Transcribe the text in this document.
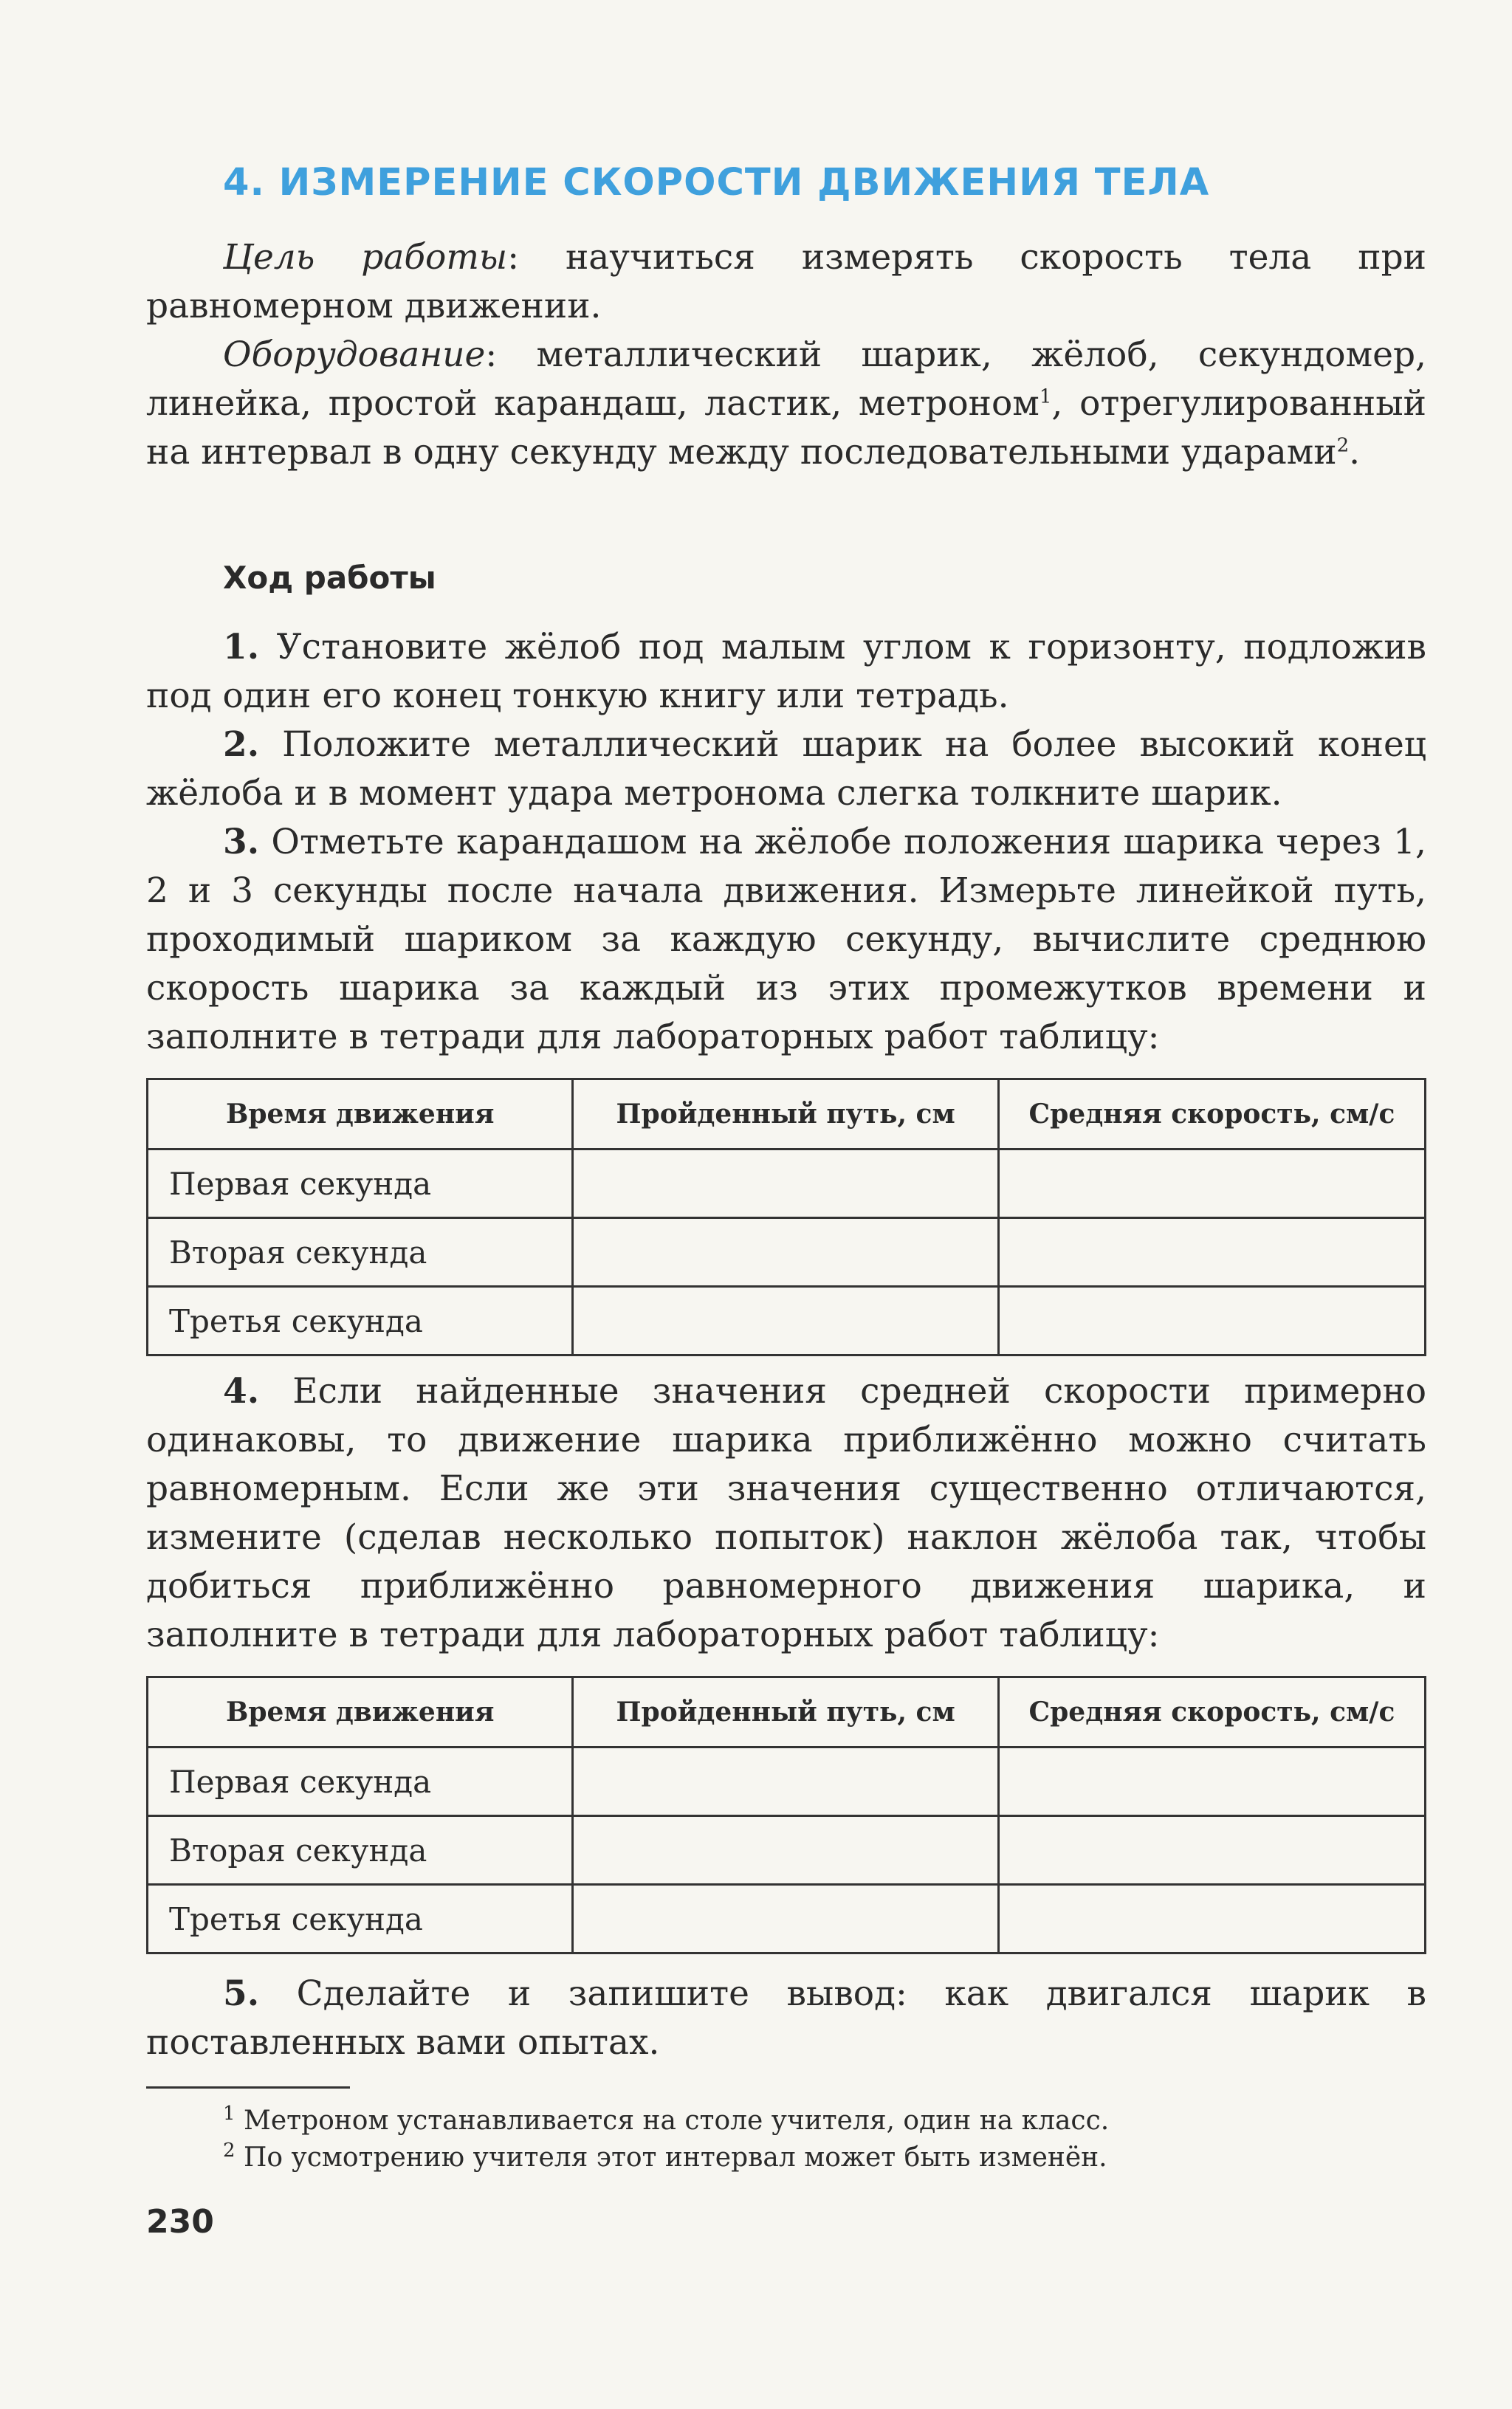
4. ИЗМЕРЕНИЕ СКОРОСТИ ДВИЖЕНИЯ ТЕЛА

Цель работы: научиться измерять скорость тела при равномерном движении.

Оборудование: металлический шарик, жёлоб, секундомер, линейка, простой карандаш, ластик, метроном$^1$, отрегулированный на интервал в одну секунду между последовательными ударами$^2$.

Ход работы

1. Установите жёлоб под малым углом к горизонту, подложив под один его конец тонкую книгу или тетрадь.

2. Положите металлический шарик на более высокий конец жёлоба и в момент удара метронома слегка толкните шарик.

3. Отметьте карандашом на жёлобе положения шарика через 1, 2 и 3 секунды после начала движения. Измерьте линейкой путь, проходимый шариком за каждую секунду, вычислите среднюю скорость шарика за каждый из этих промежутков времени и заполните в тетради для лабораторных работ таблицу:

Время движения	Пройденный путь, см	Средняя скорость, см/с
Первая секунда		
Вторая секунда		
Третья секунда		

4. Если найденные значения средней скорости примерно одинаковы, то движение шарика приближённо можно считать равномерным. Если же эти значения существенно отличаются, измените (сделав несколько попыток) наклон жёлоба так, чтобы добиться приближённо равномерного движения шарика, и заполните в тетради для лабораторных работ таблицу:

Время движения	Пройденный путь, см	Средняя скорость, см/с
Первая секунда		
Вторая секунда		
Третья секунда		

5. Сделайте и запишите вывод: как двигался шарик в поставленных вами опытах.

$^1$ Метроном устанавливается на столе учителя, один на класс.
$^2$ По усмотрению учителя этот интервал может быть изменён.
230
